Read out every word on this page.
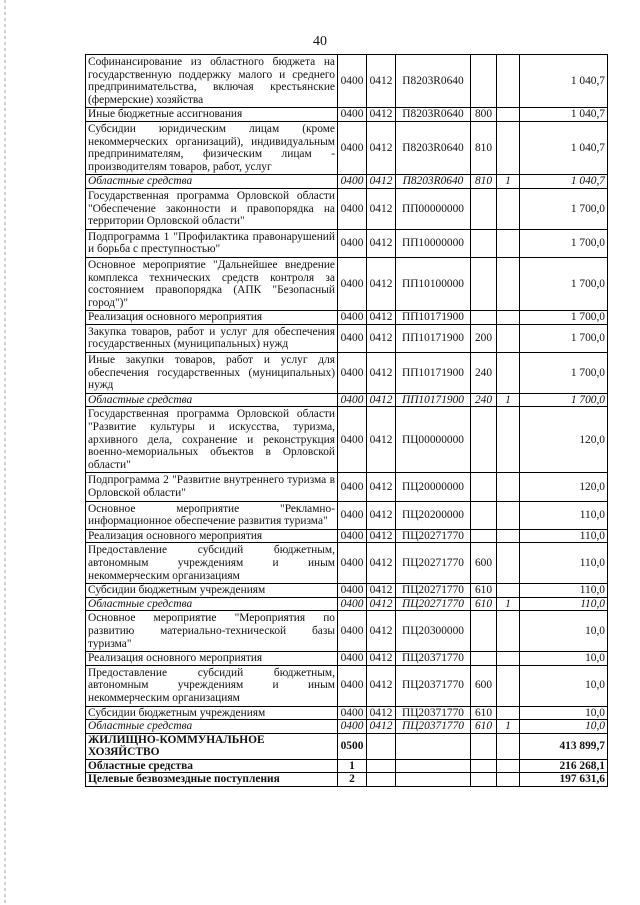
40
Софинансирование из областного бюджета на государственную поддержку малого и среднего предпринимательства, включая крестьянские (фермерские) хозяйства	0400	0412	П8203R0640			1 040,7
Иные бюджетные ассигнования	0400	0412	П8203R0640	800		1 040,7
Субсидии юридическим лицам (кроме некоммерческих организаций), индивидуальным предпринимателям, физическим лицам - производителям товаров, работ, услуг	0400	0412	П8203R0640	810		1 040,7
Областные средства	0400	0412	П8203R0640	810	1	1 040,7
Государственная программа Орловской области "Обеспечение законности и правопорядка на территории Орловской области"	0400	0412	ПП00000000			1 700,0
Подпрограмма 1 "Профилактика правонарушений и борьба с преступностью"	0400	0412	ПП10000000			1 700,0
Основное мероприятие "Дальнейшее внедрение комплекса технических средств контроля за состоянием правопорядка (АПК "Безопасный город")"	0400	0412	ПП10100000			1 700,0
Реализация основного мероприятия	0400	0412	ПП10171900			1 700,0
Закупка товаров, работ и услуг для обеспечения государственных (муниципальных) нужд	0400	0412	ПП10171900	200		1 700,0
Иные закупки товаров, работ и услуг для обеспечения государственных (муниципальных) нужд	0400	0412	ПП10171900	240		1 700,0
Областные средства	0400	0412	ПП10171900	240	1	1 700,0
Государственная программа Орловской области "Развитие культуры и искусства, туризма, архивного дела, сохранение и реконструкция военно-мемориальных объектов в Орловской области"	0400	0412	ПЦ00000000			120,0
Подпрограмма 2 "Развитие внутреннего туризма в Орловской области"	0400	0412	ПЦ20000000			120,0
Основное мероприятие "Рекламно-информационное обеспечение развития туризма"	0400	0412	ПЦ20200000			110,0
Реализация основного мероприятия	0400	0412	ПЦ20271770			110,0
Предоставление субсидий бюджетным, автономным учреждениям и иным некоммерческим организациям	0400	0412	ПЦ20271770	600		110,0
Субсидии бюджетным учреждениям	0400	0412	ПЦ20271770	610		110,0
Областные средства	0400	0412	ПЦ20271770	610	1	110,0
Основное мероприятие "Мероприятия по развитию материально-технической базы туризма"	0400	0412	ПЦ20300000			10,0
Реализация основного мероприятия	0400	0412	ПЦ20371770			10,0
Предоставление субсидий бюджетным, автономным учреждениям и иным некоммерческим организациям	0400	0412	ПЦ20371770	600		10,0
Субсидии бюджетным учреждениям	0400	0412	ПЦ20371770	610		10,0
Областные средства	0400	0412	ПЦ20371770	610	1	10,0
ЖИЛИЩНО-КОММУНАЛЬНОЕ ХОЗЯЙСТВО	0500					413 899,7
Областные средства	1					216 268,1
Целевые безвозмездные поступления	2					197 631,6
